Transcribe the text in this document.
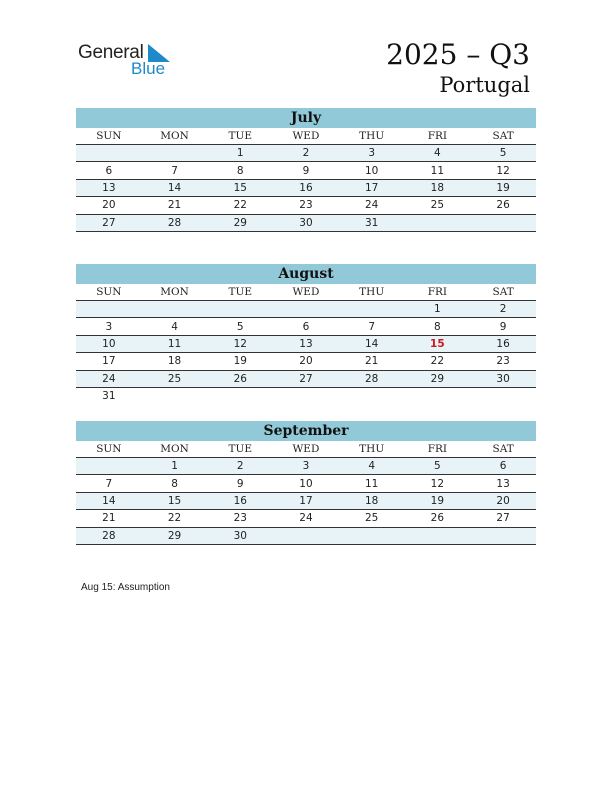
General
Blue	2025 – Q3
Portugal
July
SUN	MON	TUE	WED	THU	FRI	SAT
		1	2	3	4	5
6	7	8	9	10	11	12
13	14	15	16	17	18	19
20	21	22	23	24	25	26
27	28	29	30	31		
August
SUN	MON	TUE	WED	THU	FRI	SAT
					1	2
3	4	5	6	7	8	9
10	11	12	13	14	15	16
17	18	19	20	21	22	23
24	25	26	27	28	29	30
31						
September
SUN	MON	TUE	WED	THU	FRI	SAT
	1	2	3	4	5	6
7	8	9	10	11	12	13
14	15	16	17	18	19	20
21	22	23	24	25	26	27
28	29	30				
Aug 15: Assumption
